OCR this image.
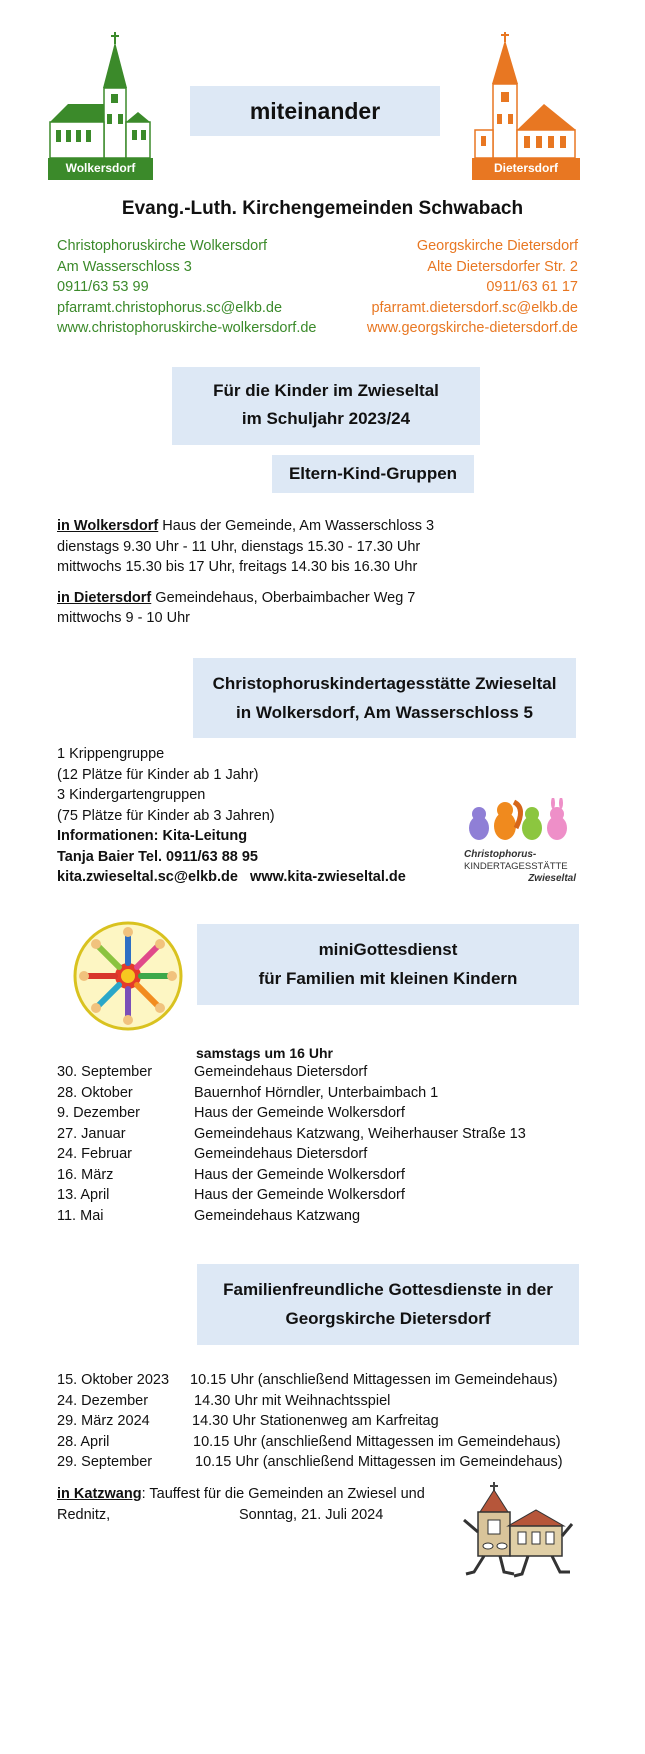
Wolkersdorf
miteinander
Dietersdorf
Evang.-Luth. Kirchengemeinden Schwabach
Christophoruskirche Wolkersdorf
Am Wasserschloss 3
0911/63 53 99
pfarramt.christophorus.sc@elkb.de
www.christophoruskirche-wolkersdorf.de
Georgskirche Dietersdorf
Alte Dietersdorfer Str. 2
0911/63 61 17
pfarramt.dietersdorf.sc@elkb.de
www.georgskirche-dietersdorf.de
Für die Kinder im Zwieseltal
im Schuljahr 2023/24
Eltern-Kind-Gruppen
in Wolkersdorf Haus der Gemeinde, Am Wasserschloss 3
dienstags 9.30 Uhr - 11 Uhr, dienstags 15.30 - 17.30 Uhr
mittwochs 15.30 bis 17 Uhr, freitags 14.30 bis 16.30 Uhr
in Dietersdorf Gemeindehaus, Oberbaimbacher Weg 7
mittwochs 9 - 10 Uhr
Christophoruskindertagesstätte Zwieseltal
in Wolkersdorf, Am Wasserschloss 5
1 Krippengruppe
(12 Plätze für Kinder ab 1 Jahr)
3 Kindergartengruppen
(75 Plätze für Kinder ab 3 Jahren)
Informationen: Kita-Leitung
Tanja Baier Tel. 0911/63 88 95
kita.zwieseltal.sc@elkb.de   www.kita-zwieseltal.de
Christophorus-
KINDERTAGESSTÄTTE
Zwieseltal
miniGottesdienst
für Familien mit kleinen Kindern
samstags um 16 Uhr
30. September	Gemeindehaus Dietersdorf
28. Oktober	Bauernhof Hörndler, Unterbaimbach 1
9. Dezember	Haus der Gemeinde Wolkersdorf
27. Januar	Gemeindehaus Katzwang, Weiherhauser Straße 13
24. Februar	Gemeindehaus Dietersdorf
16. März	Haus der Gemeinde Wolkersdorf
13. April	Haus der Gemeinde Wolkersdorf
11. Mai	Gemeindehaus Katzwang
Familienfreundliche Gottesdienste in der
Georgskirche Dietersdorf
15. Oktober 2023	10.15 Uhr (anschließend Mittagessen im Gemeindehaus)
24. Dezember	14.30 Uhr mit Weihnachtsspiel
29. März 2024	14.30 Uhr Stationenweg am Karfreitag
28. April	10.15 Uhr (anschließend Mittagessen im Gemeindehaus)
29. September	10.15 Uhr (anschließend Mittagessen im Gemeindehaus)
in Katzwang: Tauffest für die Gemeinden an Zwiesel und
Rednitz,	Sonntag, 21. Juli 2024
